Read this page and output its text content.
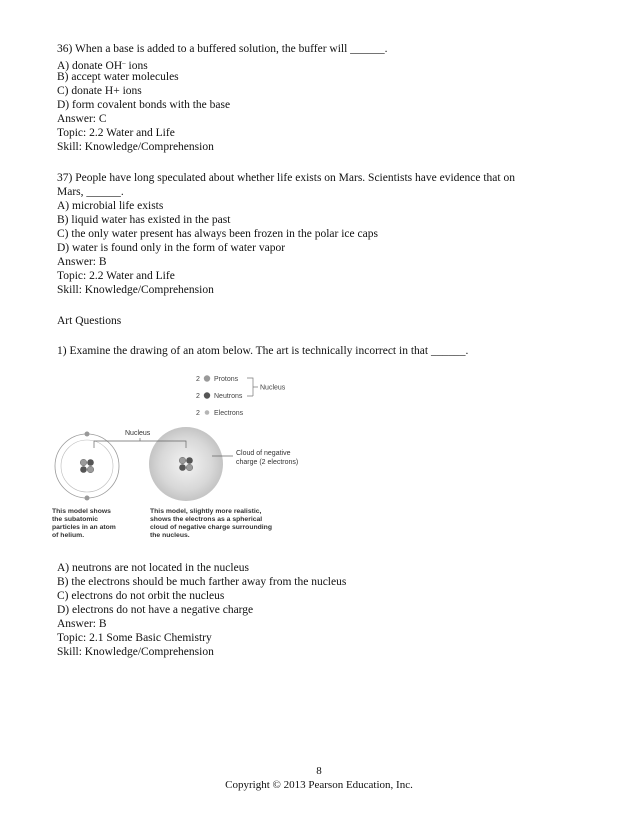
36) When a base is added to a buffered solution, the buffer will ______.
A) donate OH– ions
B) accept water molecules
C) donate H+ ions
D) form covalent bonds with the base
Answer: C
Topic: 2.2 Water and Life
Skill: Knowledge/Comprehension
37) People have long speculated about whether life exists on Mars. Scientists have evidence that on
Mars, ______.
A) microbial life exists
B) liquid water has existed in the past
C) the only water present has always been frozen in the polar ice caps
D) water is found only in the form of water vapor
Answer: B
Topic: 2.2 Water and Life
Skill: Knowledge/Comprehension
Art Questions
1) Examine the drawing of an atom below. The art is technically incorrect in that ______.
2 Protons
2 Neutrons
2 Electrons
Nucleus
Nucleus
Cloud of negative
charge (2 electrons)
This model shows
the subatomic
particles in an atom
of helium.
This model, slightly more realistic,
shows the electrons as a spherical
cloud of negative charge surrounding
the nucleus.
A) neutrons are not located in the nucleus
B) the electrons should be much farther away from the nucleus
C) electrons do not orbit the nucleus
D) electrons do not have a negative charge
Answer: B
Topic: 2.1 Some Basic Chemistry
Skill: Knowledge/Comprehension
8
Copyright © 2013 Pearson Education, Inc.
